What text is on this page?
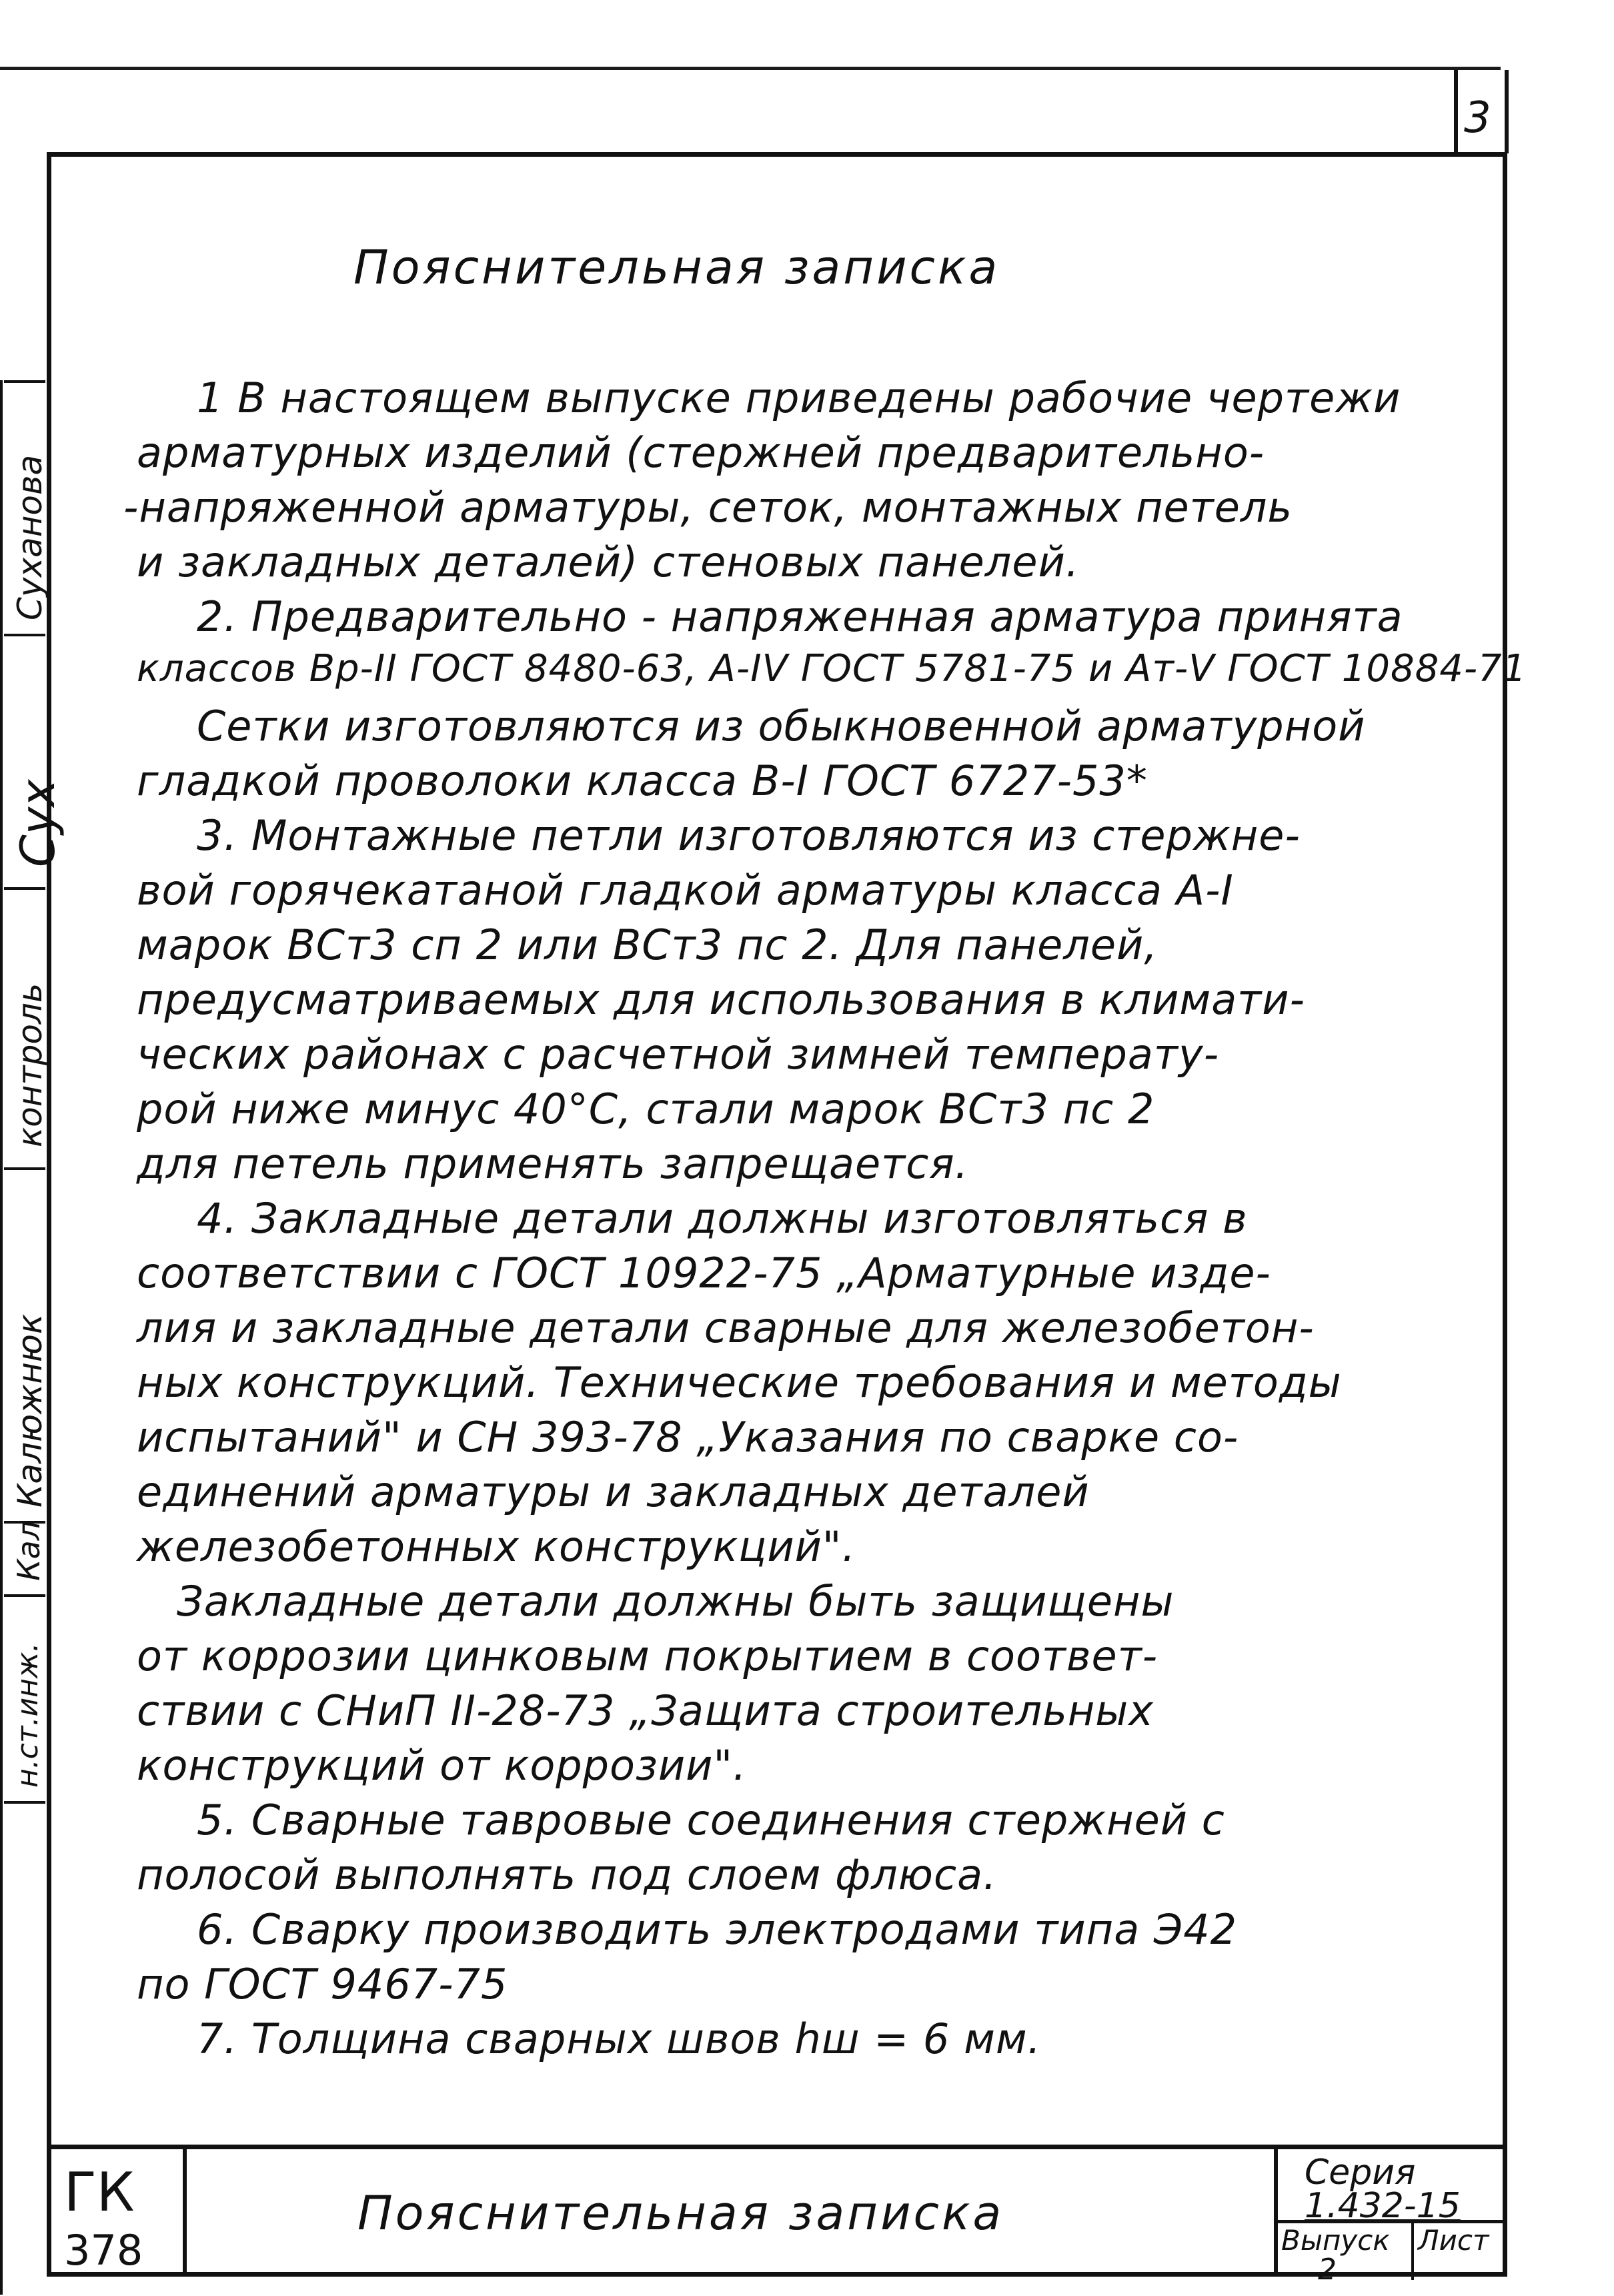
3
Суханова
Сух
контроль
Калюжнюк
Кал
н.ст.инж.
Пояснительная записка
1 В настоящем выпуске приведены рабочие чертежи
арматурных изделий (стержней предварительно-
-напряженной арматуры, сеток, монтажных петель
и закладных деталей) стеновых панелей.
2. Предварительно - напряженная арматура принята
классов Вр-II ГОСТ 8480-63, А-IV ГОСТ 5781-75 и Ат-V ГОСТ 10884-71
Сетки изготовляются из обыкновенной арматурной
гладкой проволоки класса В-I ГОСТ 6727-53*
3. Монтажные петли изготовляются из стержне-
вой горячекатаной гладкой арматуры класса А-I
марок ВСт3 сп 2 или ВСт3 пс 2. Для панелей,
предусматриваемых для использования в климати-
ческих районах с расчетной зимней температу-
рой ниже минус 40°С, стали марок ВСт3 пс 2
для петель применять запрещается.
4. Закладные детали должны изготовляться в
соответствии с ГОСТ 10922-75 „Арматурные изде-
лия и закладные детали сварные для железобетон-
ных конструкций. Технические требования и методы
испытаний" и СН 393-78 „Указания по сварке со-
единений арматуры и закладных деталей
железобетонных конструкций".
Закладные детали должны быть защищены
от коррозии цинковым покрытием в соответ-
ствии с СНиП II-28-73 „Защита строительных
конструкций от коррозии".
5. Сварные тавровые соединения стержней с
полосой выполнять под слоем флюса.
6. Сварку производить электродами типа Э42
по ГОСТ 9467-75
7. Толщина сварных швов hш = 6 мм.
ГК
378
Пояснительная записка
Серия
1.432-15
Выпуск Лист
2
